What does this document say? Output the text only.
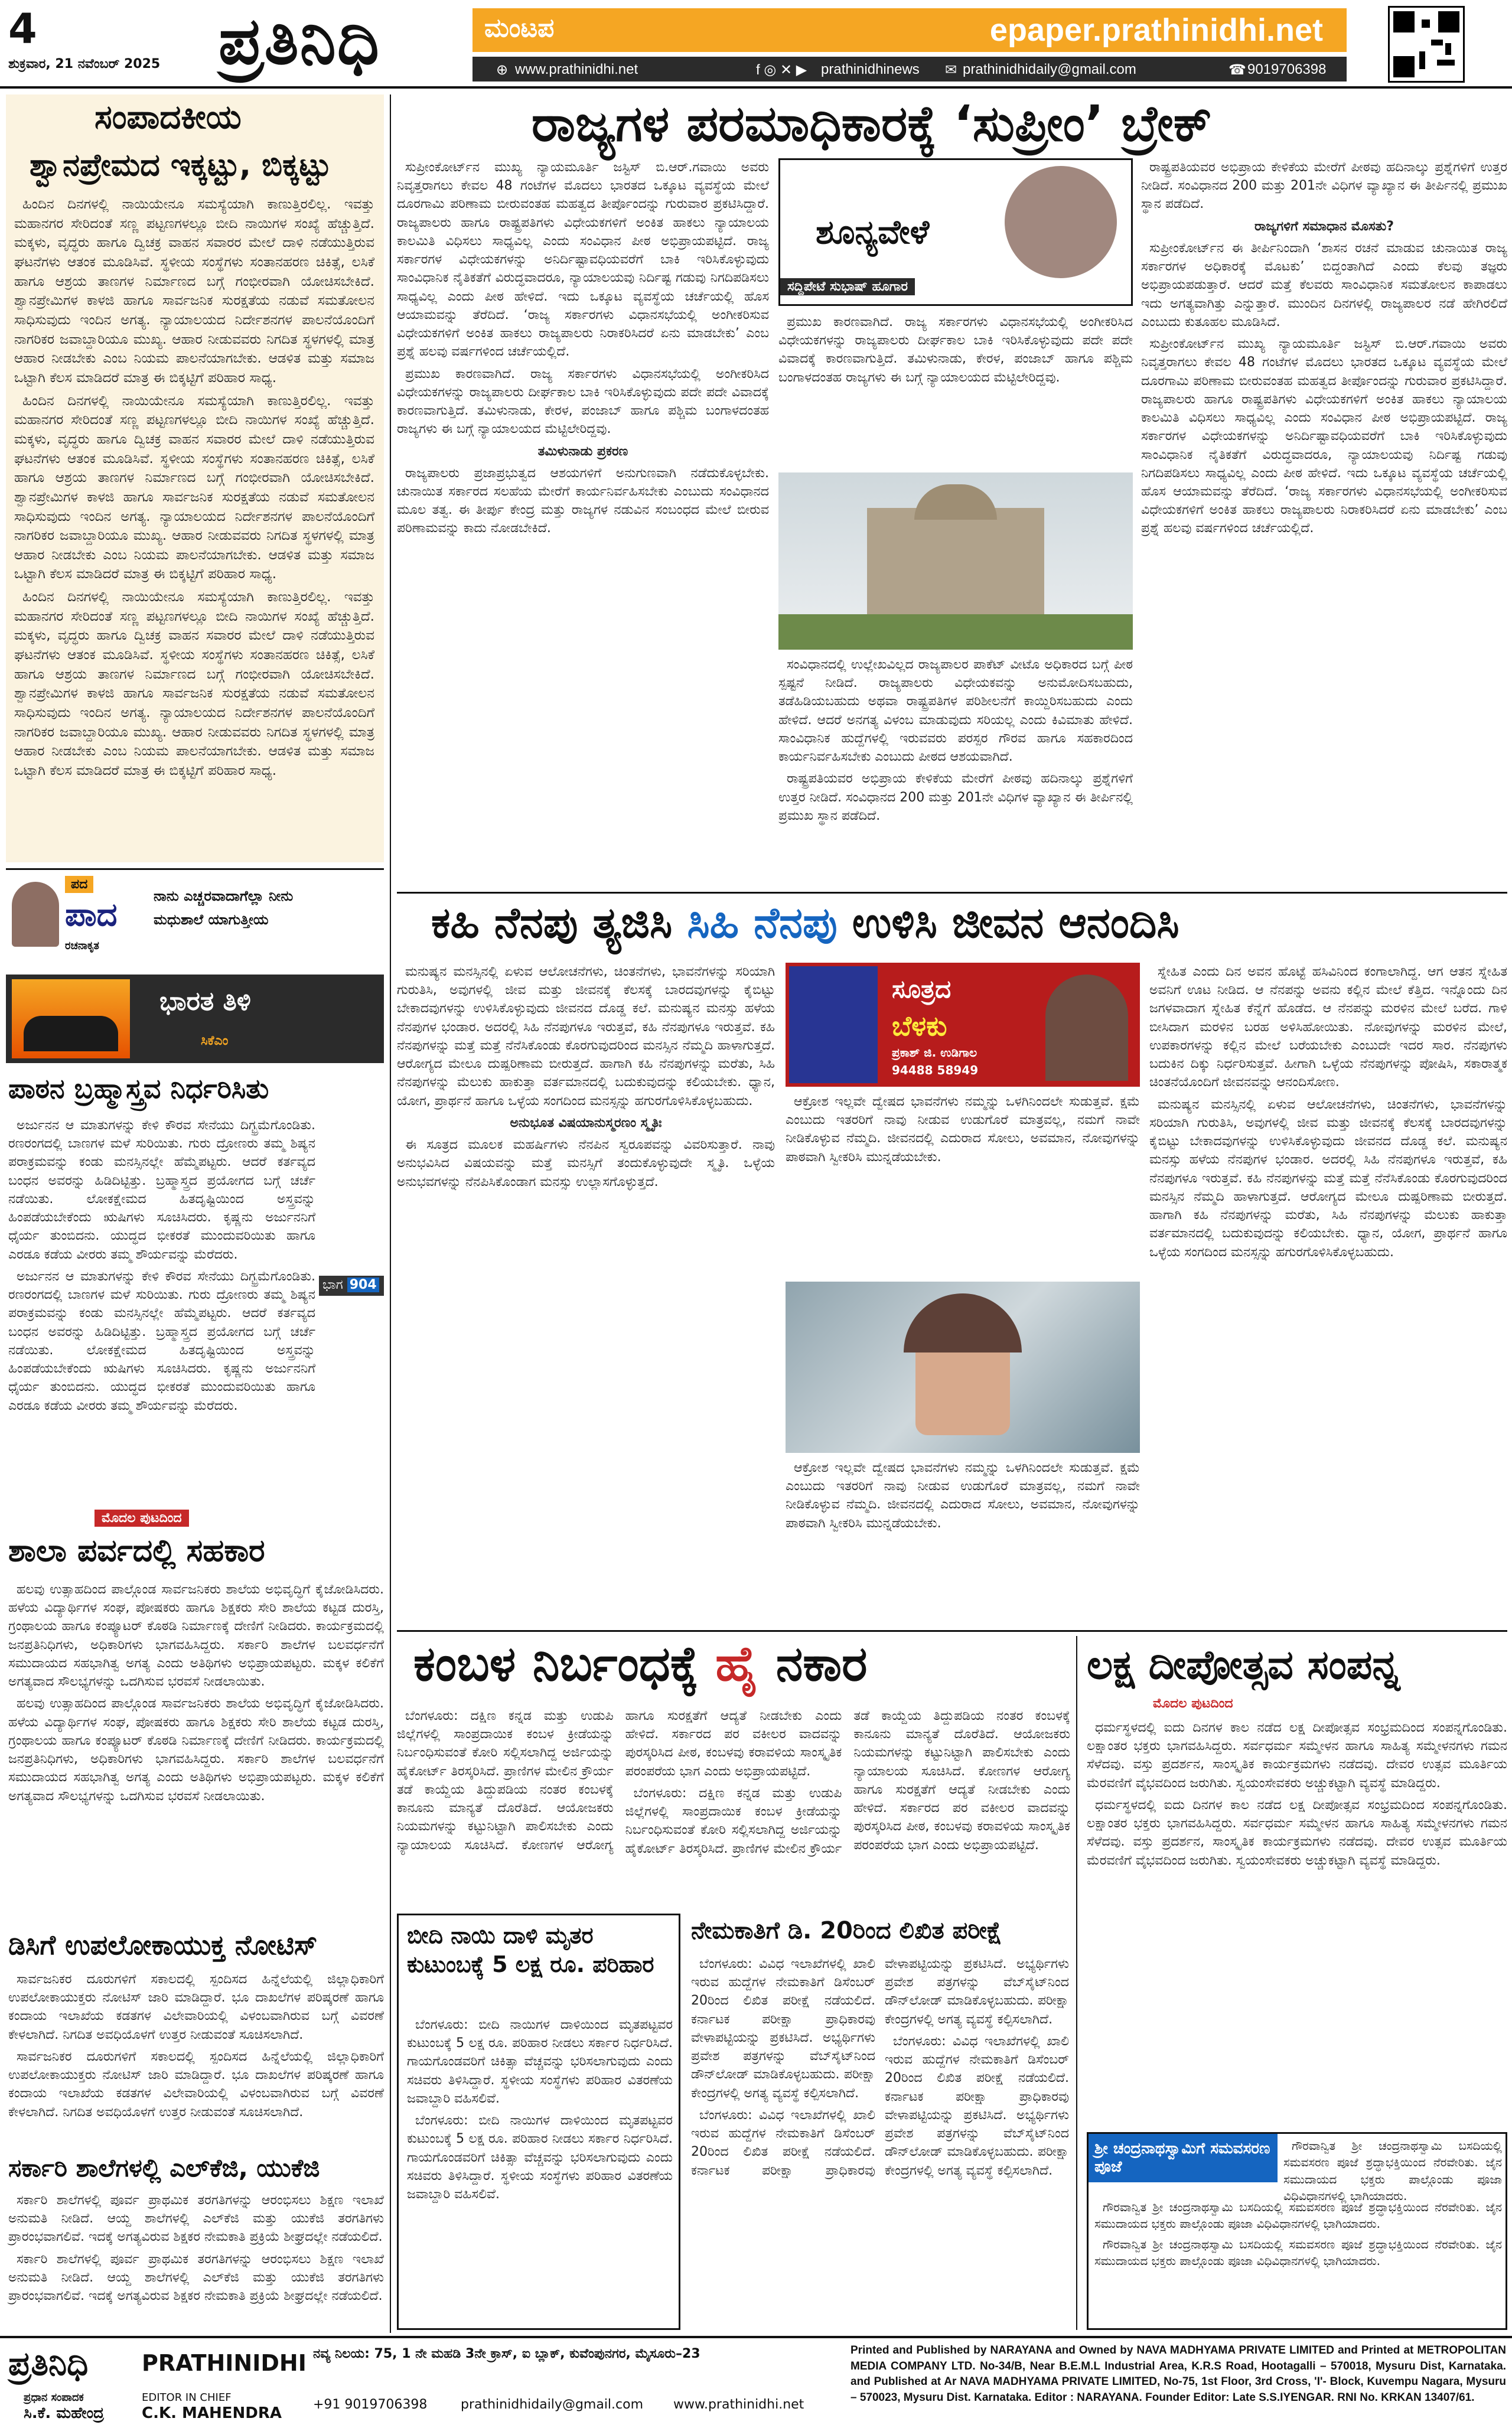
4
ಶುಕ್ರವಾರ, 21 ನವೆಂಬರ್ 2025 ಪ್ರತಿನಿಧಿ	ಮಂಟಪ	epaper.prathinidhi.net
⊕ www.prathinidhi.net	f ◎ ✕ ▶ prathinidhinews ✉ prathinidhidaily@gmail.com	☎ 9019706398
ಸಂಪಾದಕೀಯ
ಶ್ವಾನಪ್ರೇಮದ ಇಕ್ಕಟ್ಟು, ಬಿಕ್ಕಟ್ಟು

ಹಿಂದಿನ ದಿನಗಳಲ್ಲಿ ನಾಯಿಯೇನೂ ಸಮಸ್ಯೆಯಾಗಿ ಕಾಣುತ್ತಿರಲಿಲ್ಲ. ಇವತ್ತು ಮಹಾನಗರ ಸೇರಿದಂತೆ ಸಣ್ಣ ಪಟ್ಟಣಗಳಲ್ಲೂ ಬೀದಿ ನಾಯಿಗಳ ಸಂಖ್ಯೆ ಹೆಚ್ಚುತ್ತಿದೆ. ಮಕ್ಕಳು, ವೃದ್ಧರು ಹಾಗೂ ದ್ವಿಚಕ್ರ ವಾಹನ ಸವಾರರ ಮೇಲೆ ದಾಳಿ ನಡೆಯುತ್ತಿರುವ ಘಟನೆಗಳು ಆತಂಕ ಮೂಡಿಸಿವೆ. ಸ್ಥಳೀಯ ಸಂಸ್ಥೆಗಳು ಸಂತಾನಹರಣ ಚಿಕಿತ್ಸೆ, ಲಸಿಕೆ ಹಾಗೂ ಆಶ್ರಯ ತಾಣಗಳ ನಿರ್ಮಾಣದ ಬಗ್ಗೆ ಗಂಭೀರವಾಗಿ ಯೋಚಿಸಬೇಕಿದೆ. ಶ್ವಾನಪ್ರೇಮಿಗಳ ಕಾಳಜಿ ಹಾಗೂ ಸಾರ್ವಜನಿಕ ಸುರಕ್ಷತೆಯ ನಡುವೆ ಸಮತೋಲನ ಸಾಧಿಸುವುದು ಇಂದಿನ ಅಗತ್ಯ. ನ್ಯಾಯಾಲಯದ ನಿರ್ದೇಶನಗಳ ಪಾಲನೆಯೊಂದಿಗೆ ನಾಗರಿಕರ ಜವಾಬ್ದಾರಿಯೂ ಮುಖ್ಯ. ಆಹಾರ ನೀಡುವವರು ನಿಗದಿತ ಸ್ಥಳಗಳಲ್ಲಿ ಮಾತ್ರ ಆಹಾರ ನೀಡಬೇಕು ಎಂಬ ನಿಯಮ ಪಾಲನೆಯಾಗಬೇಕು. ಆಡಳಿತ ಮತ್ತು ಸಮಾಜ ಒಟ್ಟಾಗಿ ಕೆಲಸ ಮಾಡಿದರೆ ಮಾತ್ರ ಈ ಬಿಕ್ಕಟ್ಟಿಗೆ ಪರಿಹಾರ ಸಾಧ್ಯ.

ಹಿಂದಿನ ದಿನಗಳಲ್ಲಿ ನಾಯಿಯೇನೂ ಸಮಸ್ಯೆಯಾಗಿ ಕಾಣುತ್ತಿರಲಿಲ್ಲ. ಇವತ್ತು ಮಹಾನಗರ ಸೇರಿದಂತೆ ಸಣ್ಣ ಪಟ್ಟಣಗಳಲ್ಲೂ ಬೀದಿ ನಾಯಿಗಳ ಸಂಖ್ಯೆ ಹೆಚ್ಚುತ್ತಿದೆ. ಮಕ್ಕಳು, ವೃದ್ಧರು ಹಾಗೂ ದ್ವಿಚಕ್ರ ವಾಹನ ಸವಾರರ ಮೇಲೆ ದಾಳಿ ನಡೆಯುತ್ತಿರುವ ಘಟನೆಗಳು ಆತಂಕ ಮೂಡಿಸಿವೆ. ಸ್ಥಳೀಯ ಸಂಸ್ಥೆಗಳು ಸಂತಾನಹರಣ ಚಿಕಿತ್ಸೆ, ಲಸಿಕೆ ಹಾಗೂ ಆಶ್ರಯ ತಾಣಗಳ ನಿರ್ಮಾಣದ ಬಗ್ಗೆ ಗಂಭೀರವಾಗಿ ಯೋಚಿಸಬೇಕಿದೆ. ಶ್ವಾನಪ್ರೇಮಿಗಳ ಕಾಳಜಿ ಹಾಗೂ ಸಾರ್ವಜನಿಕ ಸುರಕ್ಷತೆಯ ನಡುವೆ ಸಮತೋಲನ ಸಾಧಿಸುವುದು ಇಂದಿನ ಅಗತ್ಯ. ನ್ಯಾಯಾಲಯದ ನಿರ್ದೇಶನಗಳ ಪಾಲನೆಯೊಂದಿಗೆ ನಾಗರಿಕರ ಜವಾಬ್ದಾರಿಯೂ ಮುಖ್ಯ. ಆಹಾರ ನೀಡುವವರು ನಿಗದಿತ ಸ್ಥಳಗಳಲ್ಲಿ ಮಾತ್ರ ಆಹಾರ ನೀಡಬೇಕು ಎಂಬ ನಿಯಮ ಪಾಲನೆಯಾಗಬೇಕು. ಆಡಳಿತ ಮತ್ತು ಸಮಾಜ ಒಟ್ಟಾಗಿ ಕೆಲಸ ಮಾಡಿದರೆ ಮಾತ್ರ ಈ ಬಿಕ್ಕಟ್ಟಿಗೆ ಪರಿಹಾರ ಸಾಧ್ಯ.

ಹಿಂದಿನ ದಿನಗಳಲ್ಲಿ ನಾಯಿಯೇನೂ ಸಮಸ್ಯೆಯಾಗಿ ಕಾಣುತ್ತಿರಲಿಲ್ಲ. ಇವತ್ತು ಮಹಾನಗರ ಸೇರಿದಂತೆ ಸಣ್ಣ ಪಟ್ಟಣಗಳಲ್ಲೂ ಬೀದಿ ನಾಯಿಗಳ ಸಂಖ್ಯೆ ಹೆಚ್ಚುತ್ತಿದೆ. ಮಕ್ಕಳು, ವೃದ್ಧರು ಹಾಗೂ ದ್ವಿಚಕ್ರ ವಾಹನ ಸವಾರರ ಮೇಲೆ ದಾಳಿ ನಡೆಯುತ್ತಿರುವ ಘಟನೆಗಳು ಆತಂಕ ಮೂಡಿಸಿವೆ. ಸ್ಥಳೀಯ ಸಂಸ್ಥೆಗಳು ಸಂತಾನಹರಣ ಚಿಕಿತ್ಸೆ, ಲಸಿಕೆ ಹಾಗೂ ಆಶ್ರಯ ತಾಣಗಳ ನಿರ್ಮಾಣದ ಬಗ್ಗೆ ಗಂಭೀರವಾಗಿ ಯೋಚಿಸಬೇಕಿದೆ. ಶ್ವಾನಪ್ರೇಮಿಗಳ ಕಾಳಜಿ ಹಾಗೂ ಸಾರ್ವಜನಿಕ ಸುರಕ್ಷತೆಯ ನಡುವೆ ಸಮತೋಲನ ಸಾಧಿಸುವುದು ಇಂದಿನ ಅಗತ್ಯ. ನ್ಯಾಯಾಲಯದ ನಿರ್ದೇಶನಗಳ ಪಾಲನೆಯೊಂದಿಗೆ ನಾಗರಿಕರ ಜವಾಬ್ದಾರಿಯೂ ಮುಖ್ಯ. ಆಹಾರ ನೀಡುವವರು ನಿಗದಿತ ಸ್ಥಳಗಳಲ್ಲಿ ಮಾತ್ರ ಆಹಾರ ನೀಡಬೇಕು ಎಂಬ ನಿಯಮ ಪಾಲನೆಯಾಗಬೇಕು. ಆಡಳಿತ ಮತ್ತು ಸಮಾಜ ಒಟ್ಟಾಗಿ ಕೆಲಸ ಮಾಡಿದರೆ ಮಾತ್ರ ಈ ಬಿಕ್ಕಟ್ಟಿಗೆ ಪರಿಹಾರ ಸಾಧ್ಯ.

ಪದ
ಪಾದ
ರಚನಾಕೃತ
ನಾನು ಎಚ್ಚರವಾದಾಗೆಲ್ಲಾ ನೀನು
ಮಧುಶಾಲೆ ಯಾಗುತ್ತೀಯ
ಭಾರತ ತಿಳಿ
ಸಿಕೆಎಂ
ಪಾಠನ ಬ್ರಹ್ಮಾಸ್ತ್ರವ ನಿರ್ಧರಿಸಿತು
ಭಾಗ 904

ಅರ್ಜುನನ ಆ ಮಾತುಗಳನ್ನು ಕೇಳಿ ಕೌರವ ಸೇನೆಯು ದಿಗ್ಭ್ರಮೆಗೊಂಡಿತು. ರಣರಂಗದಲ್ಲಿ ಬಾಣಗಳ ಮಳೆ ಸುರಿಯಿತು. ಗುರು ದ್ರೋಣರು ತಮ್ಮ ಶಿಷ್ಯನ ಪರಾಕ್ರಮವನ್ನು ಕಂಡು ಮನಸ್ಸಿನಲ್ಲೇ ಹೆಮ್ಮೆಪಟ್ಟರು. ಆದರೆ ಕರ್ತವ್ಯದ ಬಂಧನ ಅವರನ್ನು ಹಿಡಿದಿಟ್ಟಿತ್ತು. ಬ್ರಹ್ಮಾಸ್ತ್ರದ ಪ್ರಯೋಗದ ಬಗ್ಗೆ ಚರ್ಚೆ ನಡೆಯಿತು. ಲೋಕಕ್ಷೇಮದ ಹಿತದೃಷ್ಟಿಯಿಂದ ಅಸ್ತ್ರವನ್ನು ಹಿಂಪಡೆಯಬೇಕೆಂದು ಋಷಿಗಳು ಸೂಚಿಸಿದರು. ಕೃಷ್ಣನು ಅರ್ಜುನನಿಗೆ ಧೈರ್ಯ ತುಂಬಿದನು. ಯುದ್ಧದ ಭೀಕರತೆ ಮುಂದುವರಿಯಿತು ಹಾಗೂ ಎರಡೂ ಕಡೆಯ ವೀರರು ತಮ್ಮ ಶೌರ್ಯವನ್ನು ಮೆರೆದರು.

ಅರ್ಜುನನ ಆ ಮಾತುಗಳನ್ನು ಕೇಳಿ ಕೌರವ ಸೇನೆಯು ದಿಗ್ಭ್ರಮೆಗೊಂಡಿತು. ರಣರಂಗದಲ್ಲಿ ಬಾಣಗಳ ಮಳೆ ಸುರಿಯಿತು. ಗುರು ದ್ರೋಣರು ತಮ್ಮ ಶಿಷ್ಯನ ಪರಾಕ್ರಮವನ್ನು ಕಂಡು ಮನಸ್ಸಿನಲ್ಲೇ ಹೆಮ್ಮೆಪಟ್ಟರು. ಆದರೆ ಕರ್ತವ್ಯದ ಬಂಧನ ಅವರನ್ನು ಹಿಡಿದಿಟ್ಟಿತ್ತು. ಬ್ರಹ್ಮಾಸ್ತ್ರದ ಪ್ರಯೋಗದ ಬಗ್ಗೆ ಚರ್ಚೆ ನಡೆಯಿತು. ಲೋಕಕ್ಷೇಮದ ಹಿತದೃಷ್ಟಿಯಿಂದ ಅಸ್ತ್ರವನ್ನು ಹಿಂಪಡೆಯಬೇಕೆಂದು ಋಷಿಗಳು ಸೂಚಿಸಿದರು. ಕೃಷ್ಣನು ಅರ್ಜುನನಿಗೆ ಧೈರ್ಯ ತುಂಬಿದನು. ಯುದ್ಧದ ಭೀಕರತೆ ಮುಂದುವರಿಯಿತು ಹಾಗೂ ಎರಡೂ ಕಡೆಯ ವೀರರು ತಮ್ಮ ಶೌರ್ಯವನ್ನು ಮೆರೆದರು.

ಮೊದಲ ಪುಟದಿಂದ
ಶಾಲಾ ಪರ್ವದಲ್ಲಿ ಸಹಕಾರ

ಹಲವು ಉತ್ಸಾಹದಿಂದ ಪಾಲ್ಗೊಂಡ ಸಾರ್ವಜನಿಕರು ಶಾಲೆಯ ಅಭಿವೃದ್ಧಿಗೆ ಕೈಜೋಡಿಸಿದರು. ಹಳೆಯ ವಿದ್ಯಾರ್ಥಿಗಳ ಸಂಘ, ಪೋಷಕರು ಹಾಗೂ ಶಿಕ್ಷಕರು ಸೇರಿ ಶಾಲೆಯ ಕಟ್ಟಡ ದುರಸ್ತಿ, ಗ್ರಂಥಾಲಯ ಹಾಗೂ ಕಂಪ್ಯೂಟರ್ ಕೊಠಡಿ ನಿರ್ಮಾಣಕ್ಕೆ ದೇಣಿಗೆ ನೀಡಿದರು. ಕಾರ್ಯಕ್ರಮದಲ್ಲಿ ಜನಪ್ರತಿನಿಧಿಗಳು, ಅಧಿಕಾರಿಗಳು ಭಾಗವಹಿಸಿದ್ದರು. ಸರ್ಕಾರಿ ಶಾಲೆಗಳ ಬಲವರ್ಧನೆಗೆ ಸಮುದಾಯದ ಸಹಭಾಗಿತ್ವ ಅಗತ್ಯ ಎಂದು ಅತಿಥಿಗಳು ಅಭಿಪ್ರಾಯಪಟ್ಟರು. ಮಕ್ಕಳ ಕಲಿಕೆಗೆ ಅಗತ್ಯವಾದ ಸೌಲಭ್ಯಗಳನ್ನು ಒದಗಿಸುವ ಭರವಸೆ ನೀಡಲಾಯಿತು.

ಹಲವು ಉತ್ಸಾಹದಿಂದ ಪಾಲ್ಗೊಂಡ ಸಾರ್ವಜನಿಕರು ಶಾಲೆಯ ಅಭಿವೃದ್ಧಿಗೆ ಕೈಜೋಡಿಸಿದರು. ಹಳೆಯ ವಿದ್ಯಾರ್ಥಿಗಳ ಸಂಘ, ಪೋಷಕರು ಹಾಗೂ ಶಿಕ್ಷಕರು ಸೇರಿ ಶಾಲೆಯ ಕಟ್ಟಡ ದುರಸ್ತಿ, ಗ್ರಂಥಾಲಯ ಹಾಗೂ ಕಂಪ್ಯೂಟರ್ ಕೊಠಡಿ ನಿರ್ಮಾಣಕ್ಕೆ ದೇಣಿಗೆ ನೀಡಿದರು. ಕಾರ್ಯಕ್ರಮದಲ್ಲಿ ಜನಪ್ರತಿನಿಧಿಗಳು, ಅಧಿಕಾರಿಗಳು ಭಾಗವಹಿಸಿದ್ದರು. ಸರ್ಕಾರಿ ಶಾಲೆಗಳ ಬಲವರ್ಧನೆಗೆ ಸಮುದಾಯದ ಸಹಭಾಗಿತ್ವ ಅಗತ್ಯ ಎಂದು ಅತಿಥಿಗಳು ಅಭಿಪ್ರಾಯಪಟ್ಟರು. ಮಕ್ಕಳ ಕಲಿಕೆಗೆ ಅಗತ್ಯವಾದ ಸೌಲಭ್ಯಗಳನ್ನು ಒದಗಿಸುವ ಭರವಸೆ ನೀಡಲಾಯಿತು.

ಡಿಸಿಗೆ ಉಪಲೋಕಾಯುಕ್ತ ನೋಟಿಸ್

ಸಾರ್ವಜನಿಕರ ದೂರುಗಳಿಗೆ ಸಕಾಲದಲ್ಲಿ ಸ್ಪಂದಿಸದ ಹಿನ್ನೆಲೆಯಲ್ಲಿ ಜಿಲ್ಲಾಧಿಕಾರಿಗೆ ಉಪಲೋಕಾಯುಕ್ತರು ನೋಟಿಸ್ ಜಾರಿ ಮಾಡಿದ್ದಾರೆ. ಭೂ ದಾಖಲೆಗಳ ಪರಿಷ್ಕರಣೆ ಹಾಗೂ ಕಂದಾಯ ಇಲಾಖೆಯ ಕಡತಗಳ ವಿಲೇವಾರಿಯಲ್ಲಿ ವಿಳಂಬವಾಗಿರುವ ಬಗ್ಗೆ ವಿವರಣೆ ಕೇಳಲಾಗಿದೆ. ನಿಗದಿತ ಅವಧಿಯೊಳಗೆ ಉತ್ತರ ನೀಡುವಂತೆ ಸೂಚಿಸಲಾಗಿದೆ.

ಸಾರ್ವಜನಿಕರ ದೂರುಗಳಿಗೆ ಸಕಾಲದಲ್ಲಿ ಸ್ಪಂದಿಸದ ಹಿನ್ನೆಲೆಯಲ್ಲಿ ಜಿಲ್ಲಾಧಿಕಾರಿಗೆ ಉಪಲೋಕಾಯುಕ್ತರು ನೋಟಿಸ್ ಜಾರಿ ಮಾಡಿದ್ದಾರೆ. ಭೂ ದಾಖಲೆಗಳ ಪರಿಷ್ಕರಣೆ ಹಾಗೂ ಕಂದಾಯ ಇಲಾಖೆಯ ಕಡತಗಳ ವಿಲೇವಾರಿಯಲ್ಲಿ ವಿಳಂಬವಾಗಿರುವ ಬಗ್ಗೆ ವಿವರಣೆ ಕೇಳಲಾಗಿದೆ. ನಿಗದಿತ ಅವಧಿಯೊಳಗೆ ಉತ್ತರ ನೀಡುವಂತೆ ಸೂಚಿಸಲಾಗಿದೆ.

ಸರ್ಕಾರಿ ಶಾಲೆಗಳಲ್ಲಿ ಎಲ್‌ಕೆಜಿ, ಯುಕೆಜಿ

ಸರ್ಕಾರಿ ಶಾಲೆಗಳಲ್ಲಿ ಪೂರ್ವ ಪ್ರಾಥಮಿಕ ತರಗತಿಗಳನ್ನು ಆರಂಭಿಸಲು ಶಿಕ್ಷಣ ಇಲಾಖೆ ಅನುಮತಿ ನೀಡಿದೆ. ಆಯ್ದ ಶಾಲೆಗಳಲ್ಲಿ ಎಲ್‌ಕೆಜಿ ಮತ್ತು ಯುಕೆಜಿ ತರಗತಿಗಳು ಪ್ರಾರಂಭವಾಗಲಿವೆ. ಇದಕ್ಕೆ ಅಗತ್ಯವಿರುವ ಶಿಕ್ಷಕರ ನೇಮಕಾತಿ ಪ್ರಕ್ರಿಯೆ ಶೀಘ್ರದಲ್ಲೇ ನಡೆಯಲಿದೆ.

ಸರ್ಕಾರಿ ಶಾಲೆಗಳಲ್ಲಿ ಪೂರ್ವ ಪ್ರಾಥಮಿಕ ತರಗತಿಗಳನ್ನು ಆರಂಭಿಸಲು ಶಿಕ್ಷಣ ಇಲಾಖೆ ಅನುಮತಿ ನೀಡಿದೆ. ಆಯ್ದ ಶಾಲೆಗಳಲ್ಲಿ ಎಲ್‌ಕೆಜಿ ಮತ್ತು ಯುಕೆಜಿ ತರಗತಿಗಳು ಪ್ರಾರಂಭವಾಗಲಿವೆ. ಇದಕ್ಕೆ ಅಗತ್ಯವಿರುವ ಶಿಕ್ಷಕರ ನೇಮಕಾತಿ ಪ್ರಕ್ರಿಯೆ ಶೀಘ್ರದಲ್ಲೇ ನಡೆಯಲಿದೆ.

ರಾಜ್ಯಗಳ ಪರಮಾಧಿಕಾರಕ್ಕೆ ‘ಸುಪ್ರೀಂ’ ಬ್ರೇಕ್

ಸುಪ್ರೀಂಕೋರ್ಟ್‌ನ ಮುಖ್ಯ ನ್ಯಾಯಮೂರ್ತಿ ಜಸ್ಟಿಸ್ ಬಿ.ಆರ್.ಗವಾಯಿ ಅವರು ನಿವೃತ್ತರಾಗಲು ಕೇವಲ 48 ಗಂಟೆಗಳ ಮೊದಲು ಭಾರತದ ಒಕ್ಕೂಟ ವ್ಯವಸ್ಥೆಯ ಮೇಲೆ ದೂರಗಾಮಿ ಪರಿಣಾಮ ಬೀರುವಂತಹ ಮಹತ್ವದ ತೀರ್ಪೊಂದನ್ನು ಗುರುವಾರ ಪ್ರಕಟಿಸಿದ್ದಾರೆ. ರಾಜ್ಯಪಾಲರು ಹಾಗೂ ರಾಷ್ಟ್ರಪತಿಗಳು ವಿಧೇಯಕಗಳಿಗೆ ಅಂಕಿತ ಹಾಕಲು ನ್ಯಾಯಾಲಯ ಕಾಲಮಿತಿ ವಿಧಿಸಲು ಸಾಧ್ಯವಿಲ್ಲ ಎಂದು ಸಂವಿಧಾನ ಪೀಠ ಅಭಿಪ್ರಾಯಪಟ್ಟಿದೆ. ರಾಜ್ಯ ಸರ್ಕಾರಗಳ ವಿಧೇಯಕಗಳನ್ನು ಅನಿರ್ದಿಷ್ಟಾವಧಿಯವರೆಗೆ ಬಾಕಿ ಇರಿಸಿಕೊಳ್ಳುವುದು ಸಾಂವಿಧಾನಿಕ ನೈತಿಕತೆಗೆ ವಿರುದ್ಧವಾದರೂ, ನ್ಯಾಯಾಲಯವು ನಿರ್ದಿಷ್ಟ ಗಡುವು ನಿಗದಿಪಡಿಸಲು ಸಾಧ್ಯವಿಲ್ಲ ಎಂದು ಪೀಠ ಹೇಳಿದೆ. ಇದು ಒಕ್ಕೂಟ ವ್ಯವಸ್ಥೆಯ ಚರ್ಚೆಯಲ್ಲಿ ಹೊಸ ಆಯಾಮವನ್ನು ತೆರೆದಿದೆ. ‘ರಾಜ್ಯ ಸರ್ಕಾರಗಳು ವಿಧಾನಸಭೆಯಲ್ಲಿ ಅಂಗೀಕರಿಸುವ ವಿಧೇಯಕಗಳಿಗೆ ಅಂಕಿತ ಹಾಕಲು ರಾಜ್ಯಪಾಲರು ನಿರಾಕರಿಸಿದರೆ ಏನು ಮಾಡಬೇಕು’ ಎಂಬ ಪ್ರಶ್ನೆ ಹಲವು ವರ್ಷಗಳಿಂದ ಚರ್ಚೆಯಲ್ಲಿದೆ.

ಪ್ರಮುಖ ಕಾರಣವಾಗಿದೆ. ರಾಜ್ಯ ಸರ್ಕಾರಗಳು ವಿಧಾನಸಭೆಯಲ್ಲಿ ಅಂಗೀಕರಿಸಿದ ವಿಧೇಯಕಗಳನ್ನು ರಾಜ್ಯಪಾಲರು ದೀರ್ಘಕಾಲ ಬಾಕಿ ಇರಿಸಿಕೊಳ್ಳುವುದು ಪದೇ ಪದೇ ವಿವಾದಕ್ಕೆ ಕಾರಣವಾಗುತ್ತಿದೆ. ತಮಿಳುನಾಡು, ಕೇರಳ, ಪಂಜಾಬ್ ಹಾಗೂ ಪಶ್ಚಿಮ ಬಂಗಾಳದಂತಹ ರಾಜ್ಯಗಳು ಈ ಬಗ್ಗೆ ನ್ಯಾಯಾಲಯದ ಮೆಟ್ಟಿಲೇರಿದ್ದವು.

ತಮಿಳುನಾಡು ಪ್ರಕರಣ

ರಾಜ್ಯಪಾಲರು ಪ್ರಜಾಪ್ರಭುತ್ವದ ಆಶಯಗಳಿಗೆ ಅನುಗುಣವಾಗಿ ನಡೆದುಕೊಳ್ಳಬೇಕು. ಚುನಾಯಿತ ಸರ್ಕಾರದ ಸಲಹೆಯ ಮೇರೆಗೆ ಕಾರ್ಯನಿರ್ವಹಿಸಬೇಕು ಎಂಬುದು ಸಂವಿಧಾನದ ಮೂಲ ತತ್ವ. ಈ ತೀರ್ಪು ಕೇಂದ್ರ ಮತ್ತು ರಾಜ್ಯಗಳ ನಡುವಿನ ಸಂಬಂಧದ ಮೇಲೆ ಬೀರುವ ಪರಿಣಾಮವನ್ನು ಕಾದು ನೋಡಬೇಕಿದೆ.

ಶೂನ್ಯವೇಳೆ
ಸದ್ದಿಪೇಟೆ ಸುಭಾಷ್ ಹೂಗಾರ

ಪ್ರಮುಖ ಕಾರಣವಾಗಿದೆ. ರಾಜ್ಯ ಸರ್ಕಾರಗಳು ವಿಧಾನಸಭೆಯಲ್ಲಿ ಅಂಗೀಕರಿಸಿದ ವಿಧೇಯಕಗಳನ್ನು ರಾಜ್ಯಪಾಲರು ದೀರ್ಘಕಾಲ ಬಾಕಿ ಇರಿಸಿಕೊಳ್ಳುವುದು ಪದೇ ಪದೇ ವಿವಾದಕ್ಕೆ ಕಾರಣವಾಗುತ್ತಿದೆ. ತಮಿಳುನಾಡು, ಕೇರಳ, ಪಂಜಾಬ್ ಹಾಗೂ ಪಶ್ಚಿಮ ಬಂಗಾಳದಂತಹ ರಾಜ್ಯಗಳು ಈ ಬಗ್ಗೆ ನ್ಯಾಯಾಲಯದ ಮೆಟ್ಟಿಲೇರಿದ್ದವು.

ಸಂವಿಧಾನದಲ್ಲಿ ಉಲ್ಲೇಖವಿಲ್ಲದ ರಾಜ್ಯಪಾಲರ ಪಾಕೆಟ್ ವೀಟೊ ಅಧಿಕಾರದ ಬಗ್ಗೆ ಪೀಠ ಸ್ಪಷ್ಟನೆ ನೀಡಿದೆ. ರಾಜ್ಯಪಾಲರು ವಿಧೇಯಕವನ್ನು ಅನುಮೋದಿಸಬಹುದು, ತಡೆಹಿಡಿಯಬಹುದು ಅಥವಾ ರಾಷ್ಟ್ರಪತಿಗಳ ಪರಿಶೀಲನೆಗೆ ಕಾಯ್ದಿರಿಸಬಹುದು ಎಂದು ಹೇಳಿದೆ. ಆದರೆ ಅನಗತ್ಯ ವಿಳಂಬ ಮಾಡುವುದು ಸರಿಯಲ್ಲ ಎಂದು ಕಿವಿಮಾತು ಹೇಳಿದೆ. ಸಾಂವಿಧಾನಿಕ ಹುದ್ದೆಗಳಲ್ಲಿ ಇರುವವರು ಪರಸ್ಪರ ಗೌರವ ಹಾಗೂ ಸಹಕಾರದಿಂದ ಕಾರ್ಯನಿರ್ವಹಿಸಬೇಕು ಎಂಬುದು ಪೀಠದ ಆಶಯವಾಗಿದೆ.

ರಾಷ್ಟ್ರಪತಿಯವರ ಅಭಿಪ್ರಾಯ ಕೇಳಿಕೆಯ ಮೇರೆಗೆ ಪೀಠವು ಹದಿನಾಲ್ಕು ಪ್ರಶ್ನೆಗಳಿಗೆ ಉತ್ತರ ನೀಡಿದೆ. ಸಂವಿಧಾನದ 200 ಮತ್ತು 201ನೇ ವಿಧಿಗಳ ವ್ಯಾಖ್ಯಾನ ಈ ತೀರ್ಪಿನಲ್ಲಿ ಪ್ರಮುಖ ಸ್ಥಾನ ಪಡೆದಿದೆ.

ರಾಷ್ಟ್ರಪತಿಯವರ ಅಭಿಪ್ರಾಯ ಕೇಳಿಕೆಯ ಮೇರೆಗೆ ಪೀಠವು ಹದಿನಾಲ್ಕು ಪ್ರಶ್ನೆಗಳಿಗೆ ಉತ್ತರ ನೀಡಿದೆ. ಸಂವಿಧಾನದ 200 ಮತ್ತು 201ನೇ ವಿಧಿಗಳ ವ್ಯಾಖ್ಯಾನ ಈ ತೀರ್ಪಿನಲ್ಲಿ ಪ್ರಮುಖ ಸ್ಥಾನ ಪಡೆದಿದೆ.

ರಾಜ್ಯಗಳಿಗೆ ಸಮಾಧಾನ ಮೊಸತು?

ಸುಪ್ರೀಂಕೋರ್ಟ್‌ನ ಈ ತೀರ್ಪಿನಿಂದಾಗಿ ‘ಶಾಸನ ರಚನೆ ಮಾಡುವ ಚುನಾಯಿತ ರಾಜ್ಯ ಸರ್ಕಾರಗಳ ಅಧಿಕಾರಕ್ಕೆ ಮೊಟಕು’ ಬಿದ್ದಂತಾಗಿದೆ ಎಂದು ಕೆಲವು ತಜ್ಞರು ಅಭಿಪ್ರಾಯಪಡುತ್ತಾರೆ. ಆದರೆ ಮತ್ತೆ ಕೆಲವರು ಸಾಂವಿಧಾನಿಕ ಸಮತೋಲನ ಕಾಪಾಡಲು ಇದು ಅಗತ್ಯವಾಗಿತ್ತು ಎನ್ನುತ್ತಾರೆ. ಮುಂದಿನ ದಿನಗಳಲ್ಲಿ ರಾಜ್ಯಪಾಲರ ನಡೆ ಹೇಗಿರಲಿದೆ ಎಂಬುದು ಕುತೂಹಲ ಮೂಡಿಸಿದೆ.

ಸುಪ್ರೀಂಕೋರ್ಟ್‌ನ ಮುಖ್ಯ ನ್ಯಾಯಮೂರ್ತಿ ಜಸ್ಟಿಸ್ ಬಿ.ಆರ್.ಗವಾಯಿ ಅವರು ನಿವೃತ್ತರಾಗಲು ಕೇವಲ 48 ಗಂಟೆಗಳ ಮೊದಲು ಭಾರತದ ಒಕ್ಕೂಟ ವ್ಯವಸ್ಥೆಯ ಮೇಲೆ ದೂರಗಾಮಿ ಪರಿಣಾಮ ಬೀರುವಂತಹ ಮಹತ್ವದ ತೀರ್ಪೊಂದನ್ನು ಗುರುವಾರ ಪ್ರಕಟಿಸಿದ್ದಾರೆ. ರಾಜ್ಯಪಾಲರು ಹಾಗೂ ರಾಷ್ಟ್ರಪತಿಗಳು ವಿಧೇಯಕಗಳಿಗೆ ಅಂಕಿತ ಹಾಕಲು ನ್ಯಾಯಾಲಯ ಕಾಲಮಿತಿ ವಿಧಿಸಲು ಸಾಧ್ಯವಿಲ್ಲ ಎಂದು ಸಂವಿಧಾನ ಪೀಠ ಅಭಿಪ್ರಾಯಪಟ್ಟಿದೆ. ರಾಜ್ಯ ಸರ್ಕಾರಗಳ ವಿಧೇಯಕಗಳನ್ನು ಅನಿರ್ದಿಷ್ಟಾವಧಿಯವರೆಗೆ ಬಾಕಿ ಇರಿಸಿಕೊಳ್ಳುವುದು ಸಾಂವಿಧಾನಿಕ ನೈತಿಕತೆಗೆ ವಿರುದ್ಧವಾದರೂ, ನ್ಯಾಯಾಲಯವು ನಿರ್ದಿಷ್ಟ ಗಡುವು ನಿಗದಿಪಡಿಸಲು ಸಾಧ್ಯವಿಲ್ಲ ಎಂದು ಪೀಠ ಹೇಳಿದೆ. ಇದು ಒಕ್ಕೂಟ ವ್ಯವಸ್ಥೆಯ ಚರ್ಚೆಯಲ್ಲಿ ಹೊಸ ಆಯಾಮವನ್ನು ತೆರೆದಿದೆ. ‘ರಾಜ್ಯ ಸರ್ಕಾರಗಳು ವಿಧಾನಸಭೆಯಲ್ಲಿ ಅಂಗೀಕರಿಸುವ ವಿಧೇಯಕಗಳಿಗೆ ಅಂಕಿತ ಹಾಕಲು ರಾಜ್ಯಪಾಲರು ನಿರಾಕರಿಸಿದರೆ ಏನು ಮಾಡಬೇಕು’ ಎಂಬ ಪ್ರಶ್ನೆ ಹಲವು ವರ್ಷಗಳಿಂದ ಚರ್ಚೆಯಲ್ಲಿದೆ.

ಕಹಿ ನೆನಪು ತ್ಯಜಿಸಿ ಸಿಹಿ ನೆನಪು ಉಳಿಸಿ ಜೀವನ ಆನಂದಿಸಿ

ಮನುಷ್ಯನ ಮನಸ್ಸಿನಲ್ಲಿ ಏಳುವ ಆಲೋಚನೆಗಳು, ಚಿಂತನೆಗಳು, ಭಾವನೆಗಳನ್ನು ಸರಿಯಾಗಿ ಗುರುತಿಸಿ, ಅವುಗಳಲ್ಲಿ ಜೀವ ಮತ್ತು ಜೀವನಕ್ಕೆ ಕೆಲಸಕ್ಕೆ ಬಾರದವುಗಳನ್ನು ಕೈಬಿಟ್ಟು ಬೇಕಾದವುಗಳನ್ನು ಉಳಿಸಿಕೊಳ್ಳುವುದು ಜೀವನದ ದೊಡ್ಡ ಕಲೆ. ಮನುಷ್ಯನ ಮನಸ್ಸು ಹಳೆಯ ನೆನಪುಗಳ ಭಂಡಾರ. ಅದರಲ್ಲಿ ಸಿಹಿ ನೆನಪುಗಳೂ ಇರುತ್ತವೆ, ಕಹಿ ನೆನಪುಗಳೂ ಇರುತ್ತವೆ. ಕಹಿ ನೆನಪುಗಳನ್ನು ಮತ್ತೆ ಮತ್ತೆ ನೆನೆಸಿಕೊಂಡು ಕೊರಗುವುದರಿಂದ ಮನಸ್ಸಿನ ನೆಮ್ಮದಿ ಹಾಳಾಗುತ್ತದೆ. ಆರೋಗ್ಯದ ಮೇಲೂ ದುಷ್ಪರಿಣಾಮ ಬೀರುತ್ತದೆ. ಹಾಗಾಗಿ ಕಹಿ ನೆನಪುಗಳನ್ನು ಮರೆತು, ಸಿಹಿ ನೆನಪುಗಳನ್ನು ಮೆಲುಕು ಹಾಕುತ್ತಾ ವರ್ತಮಾನದಲ್ಲಿ ಬದುಕುವುದನ್ನು ಕಲಿಯಬೇಕು. ಧ್ಯಾನ, ಯೋಗ, ಪ್ರಾರ್ಥನೆ ಹಾಗೂ ಒಳ್ಳೆಯ ಸಂಗದಿಂದ ಮನಸ್ಸನ್ನು ಹಗುರಗೊಳಿಸಿಕೊಳ್ಳಬಹುದು.

ಅನುಭೂತ ವಿಷಯಾನುಸ್ಮರಣಂ ಸ್ಮೃತಿಃ

ಈ ಸೂತ್ರದ ಮೂಲಕ ಮಹರ್ಷಿಗಳು ನೆನಪಿನ ಸ್ವರೂಪವನ್ನು ವಿವರಿಸುತ್ತಾರೆ. ನಾವು ಅನುಭವಿಸಿದ ವಿಷಯವನ್ನು ಮತ್ತೆ ಮನಸ್ಸಿಗೆ ತಂದುಕೊಳ್ಳುವುದೇ ಸ್ಮೃತಿ. ಒಳ್ಳೆಯ ಅನುಭವಗಳನ್ನು ನೆನಪಿಸಿಕೊಂಡಾಗ ಮನಸ್ಸು ಉಲ್ಲಾಸಗೊಳ್ಳುತ್ತದೆ.

ಸೂತ್ರದ
ಬೆಳಕು
ಪ್ರಕಾಶ್ ಜಿ. ಉಡಿಗಾಲ
94488 58949

ಆಕ್ರೋಶ ಇಲ್ಲವೇ ದ್ವೇಷದ ಭಾವನೆಗಳು ನಮ್ಮನ್ನು ಒಳಗಿನಿಂದಲೇ ಸುಡುತ್ತವೆ. ಕ್ಷಮೆ ಎಂಬುದು ಇತರರಿಗೆ ನಾವು ನೀಡುವ ಉಡುಗೊರೆ ಮಾತ್ರವಲ್ಲ, ನಮಗೆ ನಾವೇ ನೀಡಿಕೊಳ್ಳುವ ನೆಮ್ಮದಿ. ಜೀವನದಲ್ಲಿ ಎದುರಾದ ಸೋಲು, ಅವಮಾನ, ನೋವುಗಳನ್ನು ಪಾಠವಾಗಿ ಸ್ವೀಕರಿಸಿ ಮುನ್ನಡೆಯಬೇಕು.

ಆಕ್ರೋಶ ಇಲ್ಲವೇ ದ್ವೇಷದ ಭಾವನೆಗಳು ನಮ್ಮನ್ನು ಒಳಗಿನಿಂದಲೇ ಸುಡುತ್ತವೆ. ಕ್ಷಮೆ ಎಂಬುದು ಇತರರಿಗೆ ನಾವು ನೀಡುವ ಉಡುಗೊರೆ ಮಾತ್ರವಲ್ಲ, ನಮಗೆ ನಾವೇ ನೀಡಿಕೊಳ್ಳುವ ನೆಮ್ಮದಿ. ಜೀವನದಲ್ಲಿ ಎದುರಾದ ಸೋಲು, ಅವಮಾನ, ನೋವುಗಳನ್ನು ಪಾಠವಾಗಿ ಸ್ವೀಕರಿಸಿ ಮುನ್ನಡೆಯಬೇಕು.

ಸ್ನೇಹಿತ ಎಂದು ದಿನ ಅವನ ಹೊಟ್ಟೆ ಹಸಿವಿನಿಂದ ಕಂಗಾಲಾಗಿದ್ದ. ಆಗ ಆತನ ಸ್ನೇಹಿತ ಅವನಿಗೆ ಊಟ ನೀಡಿದ. ಆ ನೆನಪನ್ನು ಅವನು ಕಲ್ಲಿನ ಮೇಲೆ ಕೆತ್ತಿದ. ಇನ್ನೊಂದು ದಿನ ಜಗಳವಾದಾಗ ಸ್ನೇಹಿತ ಕೆನ್ನೆಗೆ ಹೊಡೆದ. ಆ ನೆನಪನ್ನು ಮರಳಿನ ಮೇಲೆ ಬರೆದ. ಗಾಳಿ ಬೀಸಿದಾಗ ಮರಳಿನ ಬರಹ ಅಳಿಸಿಹೋಯಿತು. ನೋವುಗಳನ್ನು ಮರಳಿನ ಮೇಲೆ, ಉಪಕಾರಗಳನ್ನು ಕಲ್ಲಿನ ಮೇಲೆ ಬರೆಯಬೇಕು ಎಂಬುದೇ ಇದರ ಸಾರ. ನೆನಪುಗಳು ಬದುಕಿನ ದಿಕ್ಕು ನಿರ್ಧರಿಸುತ್ತವೆ. ಹೀಗಾಗಿ ಒಳ್ಳೆಯ ನೆನಪುಗಳನ್ನು ಪೋಷಿಸಿ, ಸಕಾರಾತ್ಮಕ ಚಿಂತನೆಯೊಂದಿಗೆ ಜೀವನವನ್ನು ಆನಂದಿಸೋಣ.

ಮನುಷ್ಯನ ಮನಸ್ಸಿನಲ್ಲಿ ಏಳುವ ಆಲೋಚನೆಗಳು, ಚಿಂತನೆಗಳು, ಭಾವನೆಗಳನ್ನು ಸರಿಯಾಗಿ ಗುರುತಿಸಿ, ಅವುಗಳಲ್ಲಿ ಜೀವ ಮತ್ತು ಜೀವನಕ್ಕೆ ಕೆಲಸಕ್ಕೆ ಬಾರದವುಗಳನ್ನು ಕೈಬಿಟ್ಟು ಬೇಕಾದವುಗಳನ್ನು ಉಳಿಸಿಕೊಳ್ಳುವುದು ಜೀವನದ ದೊಡ್ಡ ಕಲೆ. ಮನುಷ್ಯನ ಮನಸ್ಸು ಹಳೆಯ ನೆನಪುಗಳ ಭಂಡಾರ. ಅದರಲ್ಲಿ ಸಿಹಿ ನೆನಪುಗಳೂ ಇರುತ್ತವೆ, ಕಹಿ ನೆನಪುಗಳೂ ಇರುತ್ತವೆ. ಕಹಿ ನೆನಪುಗಳನ್ನು ಮತ್ತೆ ಮತ್ತೆ ನೆನೆಸಿಕೊಂಡು ಕೊರಗುವುದರಿಂದ ಮನಸ್ಸಿನ ನೆಮ್ಮದಿ ಹಾಳಾಗುತ್ತದೆ. ಆರೋಗ್ಯದ ಮೇಲೂ ದುಷ್ಪರಿಣಾಮ ಬೀರುತ್ತದೆ. ಹಾಗಾಗಿ ಕಹಿ ನೆನಪುಗಳನ್ನು ಮರೆತು, ಸಿಹಿ ನೆನಪುಗಳನ್ನು ಮೆಲುಕು ಹಾಕುತ್ತಾ ವರ್ತಮಾನದಲ್ಲಿ ಬದುಕುವುದನ್ನು ಕಲಿಯಬೇಕು. ಧ್ಯಾನ, ಯೋಗ, ಪ್ರಾರ್ಥನೆ ಹಾಗೂ ಒಳ್ಳೆಯ ಸಂಗದಿಂದ ಮನಸ್ಸನ್ನು ಹಗುರಗೊಳಿಸಿಕೊಳ್ಳಬಹುದು.

ಕಂಬಳ ನಿರ್ಬಂಧಕ್ಕೆ ಹೈ ನಕಾರ

ಬೆಂಗಳೂರು: ದಕ್ಷಿಣ ಕನ್ನಡ ಮತ್ತು ಉಡುಪಿ ಜಿಲ್ಲೆಗಳಲ್ಲಿ ಸಾಂಪ್ರದಾಯಿಕ ಕಂಬಳ ಕ್ರೀಡೆಯನ್ನು ನಿರ್ಬಂಧಿಸುವಂತೆ ಕೋರಿ ಸಲ್ಲಿಸಲಾಗಿದ್ದ ಅರ್ಜಿಯನ್ನು ಹೈಕೋರ್ಟ್ ತಿರಸ್ಕರಿಸಿದೆ. ಪ್ರಾಣಿಗಳ ಮೇಲಿನ ಕ್ರೌರ್ಯ ತಡೆ ಕಾಯ್ದೆಯ ತಿದ್ದುಪಡಿಯ ನಂತರ ಕಂಬಳಕ್ಕೆ ಕಾನೂನು ಮಾನ್ಯತೆ ದೊರೆತಿದೆ. ಆಯೋಜಕರು ನಿಯಮಗಳನ್ನು ಕಟ್ಟುನಿಟ್ಟಾಗಿ ಪಾಲಿಸಬೇಕು ಎಂದು ನ್ಯಾಯಾಲಯ ಸೂಚಿಸಿದೆ. ಕೋಣಗಳ ಆರೋಗ್ಯ ಹಾಗೂ ಸುರಕ್ಷತೆಗೆ ಆದ್ಯತೆ ನೀಡಬೇಕು ಎಂದು ಹೇಳಿದೆ. ಸರ್ಕಾರದ ಪರ ವಕೀಲರ ವಾದವನ್ನು ಪುರಸ್ಕರಿಸಿದ ಪೀಠ, ಕಂಬಳವು ಕರಾವಳಿಯ ಸಾಂಸ್ಕೃತಿಕ ಪರಂಪರೆಯ ಭಾಗ ಎಂದು ಅಭಿಪ್ರಾಯಪಟ್ಟಿದೆ.

ಬೆಂಗಳೂರು: ದಕ್ಷಿಣ ಕನ್ನಡ ಮತ್ತು ಉಡುಪಿ ಜಿಲ್ಲೆಗಳಲ್ಲಿ ಸಾಂಪ್ರದಾಯಿಕ ಕಂಬಳ ಕ್ರೀಡೆಯನ್ನು ನಿರ್ಬಂಧಿಸುವಂತೆ ಕೋರಿ ಸಲ್ಲಿಸಲಾಗಿದ್ದ ಅರ್ಜಿಯನ್ನು ಹೈಕೋರ್ಟ್ ತಿರಸ್ಕರಿಸಿದೆ. ಪ್ರಾಣಿಗಳ ಮೇಲಿನ ಕ್ರೌರ್ಯ ತಡೆ ಕಾಯ್ದೆಯ ತಿದ್ದುಪಡಿಯ ನಂತರ ಕಂಬಳಕ್ಕೆ ಕಾನೂನು ಮಾನ್ಯತೆ ದೊರೆತಿದೆ. ಆಯೋಜಕರು ನಿಯಮಗಳನ್ನು ಕಟ್ಟುನಿಟ್ಟಾಗಿ ಪಾಲಿಸಬೇಕು ಎಂದು ನ್ಯಾಯಾಲಯ ಸೂಚಿಸಿದೆ. ಕೋಣಗಳ ಆರೋಗ್ಯ ಹಾಗೂ ಸುರಕ್ಷತೆಗೆ ಆದ್ಯತೆ ನೀಡಬೇಕು ಎಂದು ಹೇಳಿದೆ. ಸರ್ಕಾರದ ಪರ ವಕೀಲರ ವಾದವನ್ನು ಪುರಸ್ಕರಿಸಿದ ಪೀಠ, ಕಂಬಳವು ಕರಾವಳಿಯ ಸಾಂಸ್ಕೃತಿಕ ಪರಂಪರೆಯ ಭಾಗ ಎಂದು ಅಭಿಪ್ರಾಯಪಟ್ಟಿದೆ.

ಬೀದಿ ನಾಯಿ ದಾಳಿ ಮೃತರ ಕುಟುಂಬಕ್ಕೆ 5 ಲಕ್ಷ ರೂ. ಪರಿಹಾರ

ಬೆಂಗಳೂರು: ಬೀದಿ ನಾಯಿಗಳ ದಾಳಿಯಿಂದ ಮೃತಪಟ್ಟವರ ಕುಟುಂಬಕ್ಕೆ 5 ಲಕ್ಷ ರೂ. ಪರಿಹಾರ ನೀಡಲು ಸರ್ಕಾರ ನಿರ್ಧರಿಸಿದೆ. ಗಾಯಗೊಂಡವರಿಗೆ ಚಿಕಿತ್ಸಾ ವೆಚ್ಚವನ್ನು ಭರಿಸಲಾಗುವುದು ಎಂದು ಸಚಿವರು ತಿಳಿಸಿದ್ದಾರೆ. ಸ್ಥಳೀಯ ಸಂಸ್ಥೆಗಳು ಪರಿಹಾರ ವಿತರಣೆಯ ಜವಾಬ್ದಾರಿ ವಹಿಸಲಿವೆ.

ಬೆಂಗಳೂರು: ಬೀದಿ ನಾಯಿಗಳ ದಾಳಿಯಿಂದ ಮೃತಪಟ್ಟವರ ಕುಟುಂಬಕ್ಕೆ 5 ಲಕ್ಷ ರೂ. ಪರಿಹಾರ ನೀಡಲು ಸರ್ಕಾರ ನಿರ್ಧರಿಸಿದೆ. ಗಾಯಗೊಂಡವರಿಗೆ ಚಿಕಿತ್ಸಾ ವೆಚ್ಚವನ್ನು ಭರಿಸಲಾಗುವುದು ಎಂದು ಸಚಿವರು ತಿಳಿಸಿದ್ದಾರೆ. ಸ್ಥಳೀಯ ಸಂಸ್ಥೆಗಳು ಪರಿಹಾರ ವಿತರಣೆಯ ಜವಾಬ್ದಾರಿ ವಹಿಸಲಿವೆ.

ನೇಮಕಾತಿಗೆ ಡಿ. 20ರಿಂದ ಲಿಖಿತ ಪರೀಕ್ಷೆ

ಬೆಂಗಳೂರು: ವಿವಿಧ ಇಲಾಖೆಗಳಲ್ಲಿ ಖಾಲಿ ಇರುವ ಹುದ್ದೆಗಳ ನೇಮಕಾತಿಗೆ ಡಿಸೆಂಬರ್ 20ರಿಂದ ಲಿಖಿತ ಪರೀಕ್ಷೆ ನಡೆಯಲಿದೆ. ಕರ್ನಾಟಕ ಪರೀಕ್ಷಾ ಪ್ರಾಧಿಕಾರವು ವೇಳಾಪಟ್ಟಿಯನ್ನು ಪ್ರಕಟಿಸಿದೆ. ಅಭ್ಯರ್ಥಿಗಳು ಪ್ರವೇಶ ಪತ್ರಗಳನ್ನು ವೆಬ್‌ಸೈಟ್‌ನಿಂದ ಡೌನ್‌ಲೋಡ್ ಮಾಡಿಕೊಳ್ಳಬಹುದು. ಪರೀಕ್ಷಾ ಕೇಂದ್ರಗಳಲ್ಲಿ ಅಗತ್ಯ ವ್ಯವಸ್ಥೆ ಕಲ್ಪಿಸಲಾಗಿದೆ.

ಬೆಂಗಳೂರು: ವಿವಿಧ ಇಲಾಖೆಗಳಲ್ಲಿ ಖಾಲಿ ಇರುವ ಹುದ್ದೆಗಳ ನೇಮಕಾತಿಗೆ ಡಿಸೆಂಬರ್ 20ರಿಂದ ಲಿಖಿತ ಪರೀಕ್ಷೆ ನಡೆಯಲಿದೆ. ಕರ್ನಾಟಕ ಪರೀಕ್ಷಾ ಪ್ರಾಧಿಕಾರವು ವೇಳಾಪಟ್ಟಿಯನ್ನು ಪ್ರಕಟಿಸಿದೆ. ಅಭ್ಯರ್ಥಿಗಳು ಪ್ರವೇಶ ಪತ್ರಗಳನ್ನು ವೆಬ್‌ಸೈಟ್‌ನಿಂದ ಡೌನ್‌ಲೋಡ್ ಮಾಡಿಕೊಳ್ಳಬಹುದು. ಪರೀಕ್ಷಾ ಕೇಂದ್ರಗಳಲ್ಲಿ ಅಗತ್ಯ ವ್ಯವಸ್ಥೆ ಕಲ್ಪಿಸಲಾಗಿದೆ.

ಬೆಂಗಳೂರು: ವಿವಿಧ ಇಲಾಖೆಗಳಲ್ಲಿ ಖಾಲಿ ಇರುವ ಹುದ್ದೆಗಳ ನೇಮಕಾತಿಗೆ ಡಿಸೆಂಬರ್ 20ರಿಂದ ಲಿಖಿತ ಪರೀಕ್ಷೆ ನಡೆಯಲಿದೆ. ಕರ್ನಾಟಕ ಪರೀಕ್ಷಾ ಪ್ರಾಧಿಕಾರವು ವೇಳಾಪಟ್ಟಿಯನ್ನು ಪ್ರಕಟಿಸಿದೆ. ಅಭ್ಯರ್ಥಿಗಳು ಪ್ರವೇಶ ಪತ್ರಗಳನ್ನು ವೆಬ್‌ಸೈಟ್‌ನಿಂದ ಡೌನ್‌ಲೋಡ್ ಮಾಡಿಕೊಳ್ಳಬಹುದು. ಪರೀಕ್ಷಾ ಕೇಂದ್ರಗಳಲ್ಲಿ ಅಗತ್ಯ ವ್ಯವಸ್ಥೆ ಕಲ್ಪಿಸಲಾಗಿದೆ.

ಲಕ್ಷ ದೀಪೋತ್ಸವ ಸಂಪನ್ನ
ಮೊದಲ ಪುಟದಿಂದ

ಧರ್ಮಸ್ಥಳದಲ್ಲಿ ಐದು ದಿನಗಳ ಕಾಲ ನಡೆದ ಲಕ್ಷ ದೀಪೋತ್ಸವ ಸಂಭ್ರಮದಿಂದ ಸಂಪನ್ನಗೊಂಡಿತು. ಲಕ್ಷಾಂತರ ಭಕ್ತರು ಭಾಗವಹಿಸಿದ್ದರು. ಸರ್ವಧರ್ಮ ಸಮ್ಮೇಳನ ಹಾಗೂ ಸಾಹಿತ್ಯ ಸಮ್ಮೇಳನಗಳು ಗಮನ ಸೆಳೆದವು. ವಸ್ತು ಪ್ರದರ್ಶನ, ಸಾಂಸ್ಕೃತಿಕ ಕಾರ್ಯಕ್ರಮಗಳು ನಡೆದವು. ದೇವರ ಉತ್ಸವ ಮೂರ್ತಿಯ ಮೆರವಣಿಗೆ ವೈಭವದಿಂದ ಜರುಗಿತು. ಸ್ವಯಂಸೇವಕರು ಅಚ್ಚುಕಟ್ಟಾಗಿ ವ್ಯವಸ್ಥೆ ಮಾಡಿದ್ದರು.

ಧರ್ಮಸ್ಥಳದಲ್ಲಿ ಐದು ದಿನಗಳ ಕಾಲ ನಡೆದ ಲಕ್ಷ ದೀಪೋತ್ಸವ ಸಂಭ್ರಮದಿಂದ ಸಂಪನ್ನಗೊಂಡಿತು. ಲಕ್ಷಾಂತರ ಭಕ್ತರು ಭಾಗವಹಿಸಿದ್ದರು. ಸರ್ವಧರ್ಮ ಸಮ್ಮೇಳನ ಹಾಗೂ ಸಾಹಿತ್ಯ ಸಮ್ಮೇಳನಗಳು ಗಮನ ಸೆಳೆದವು. ವಸ್ತು ಪ್ರದರ್ಶನ, ಸಾಂಸ್ಕೃತಿಕ ಕಾರ್ಯಕ್ರಮಗಳು ನಡೆದವು. ದೇವರ ಉತ್ಸವ ಮೂರ್ತಿಯ ಮೆರವಣಿಗೆ ವೈಭವದಿಂದ ಜರುಗಿತು. ಸ್ವಯಂಸೇವಕರು ಅಚ್ಚುಕಟ್ಟಾಗಿ ವ್ಯವಸ್ಥೆ ಮಾಡಿದ್ದರು.

ಶ್ರೀ ಚಂದ್ರನಾಥಸ್ವಾಮಿಗೆ ಸಮವಸರಣ ಪೂಜೆ

ಗೌರವಾನ್ವಿತ ಶ್ರೀ ಚಂದ್ರನಾಥಸ್ವಾಮಿ ಬಸದಿಯಲ್ಲಿ ಸಮವಸರಣ ಪೂಜೆ ಶ್ರದ್ಧಾಭಕ್ತಿಯಿಂದ ನೆರವೇರಿತು. ಜೈನ ಸಮುದಾಯದ ಭಕ್ತರು ಪಾಲ್ಗೊಂಡು ಪೂಜಾ ವಿಧಿವಿಧಾನಗಳಲ್ಲಿ ಭಾಗಿಯಾದರು.

ಗೌರವಾನ್ವಿತ ಶ್ರೀ ಚಂದ್ರನಾಥಸ್ವಾಮಿ ಬಸದಿಯಲ್ಲಿ ಸಮವಸರಣ ಪೂಜೆ ಶ್ರದ್ಧಾಭಕ್ತಿಯಿಂದ ನೆರವೇರಿತು. ಜೈನ ಸಮುದಾಯದ ಭಕ್ತರು ಪಾಲ್ಗೊಂಡು ಪೂಜಾ ವಿಧಿವಿಧಾನಗಳಲ್ಲಿ ಭಾಗಿಯಾದರು.

ಗೌರವಾನ್ವಿತ ಶ್ರೀ ಚಂದ್ರನಾಥಸ್ವಾಮಿ ಬಸದಿಯಲ್ಲಿ ಸಮವಸರಣ ಪೂಜೆ ಶ್ರದ್ಧಾಭಕ್ತಿಯಿಂದ ನೆರವೇರಿತು. ಜೈನ ಸಮುದಾಯದ ಭಕ್ತರು ಪಾಲ್ಗೊಂಡು ಪೂಜಾ ವಿಧಿವಿಧಾನಗಳಲ್ಲಿ ಭಾಗಿಯಾದರು.

ಪ್ರತಿನಿಧಿ PRATHINIDHI
ಪ್ರಧಾನ ಸಂಪಾದಕ
ಸಿ.ಕೆ. ಮಹೇಂದ್ರ
EDITOR IN CHIEF
C.K. MAHENDRA
ನವ್ಯ ನಿಲಯ: 75, 1 ನೇ ಮಹಡಿ 3ನೇ ಕ್ರಾಸ್, ಐ ಬ್ಲಾಕ್, ಕುವೆಂಪುನಗರ, ಮೈಸೂರು–23
+91 9019706398	prathinidhidaily@gmail.com www.prathinidhi.net
Printed and Published by NARAYANA and Owned by NAVA MADHYAMA PRIVATE LIMITED and Printed at METROPOLITAN MEDIA COMPANY LTD. No-34/B, Near B.E.M.L Industrial Area, K.R.S Road, Hootagalli – 570018, Mysuru Dist, Karnataka. and Published at Ar NAVA MADHYAMA PRIVATE LIMITED, No-75, 1st Floor, 3rd Cross, 'I'- Block, Kuvempu Nagara, Mysuru – 570023, Mysuru Dist. Karnataka. Editor : NARAYANA. Founder Editor: Late S.S.IYENGAR. RNI No. KRKAN 13407/61.
